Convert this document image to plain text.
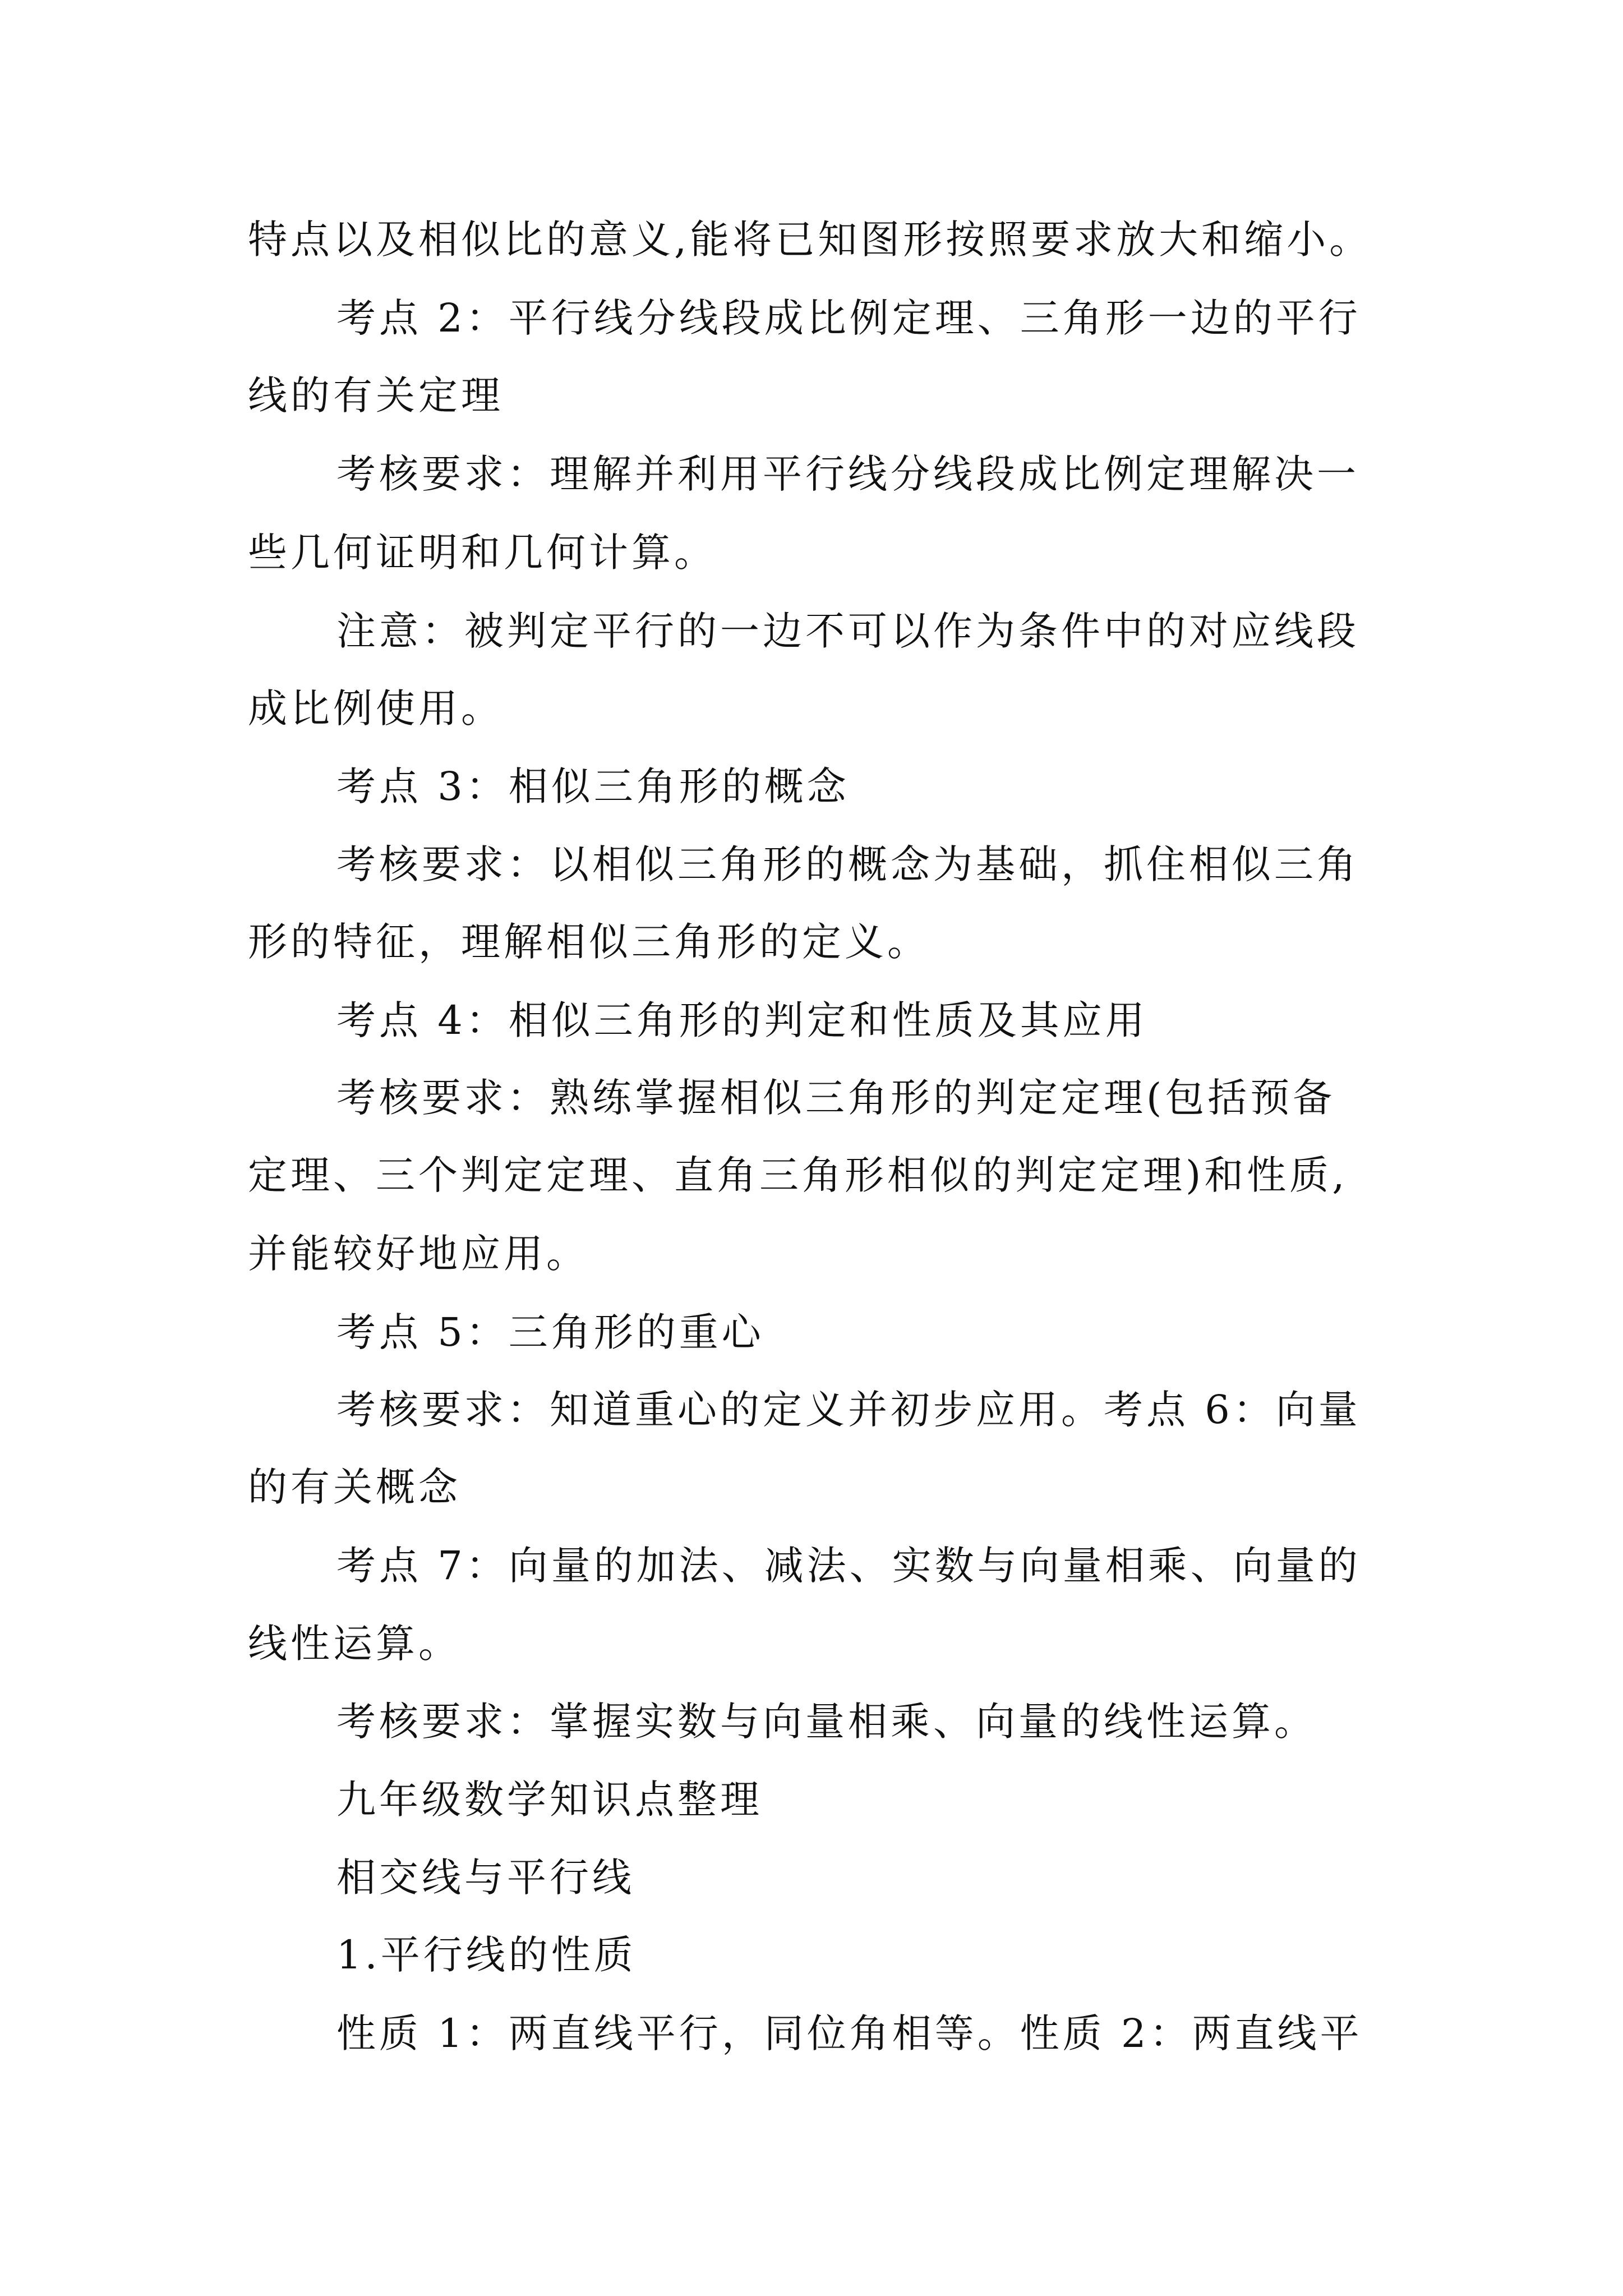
特点以及相似比的意义,能将已知图形按照要求放大和缩小。
考点 2：平行线分线段成比例定理、三角形一边的平行
线的有关定理
考核要求：理解并利用平行线分线段成比例定理解决一
些几何证明和几何计算。
注意：被判定平行的一边不可以作为条件中的对应线段
成比例使用。
考点 3：相似三角形的概念
考核要求：以相似三角形的概念为基础，抓住相似三角
形的特征，理解相似三角形的定义。
考点 4：相似三角形的判定和性质及其应用
考核要求：熟练掌握相似三角形的判定定理(包括预备
定理、三个判定定理、直角三角形相似的判定定理)和性质,
并能较好地应用。
考点 5：三角形的重心
考核要求：知道重心的定义并初步应用。考点 6：向量
的有关概念
考点 7：向量的加法、减法、实数与向量相乘、向量的
线性运算。
考核要求：掌握实数与向量相乘、向量的线性运算。
九年级数学知识点整理
相交线与平行线
1.平行线的性质
性质 1：两直线平行，同位角相等。性质 2：两直线平
